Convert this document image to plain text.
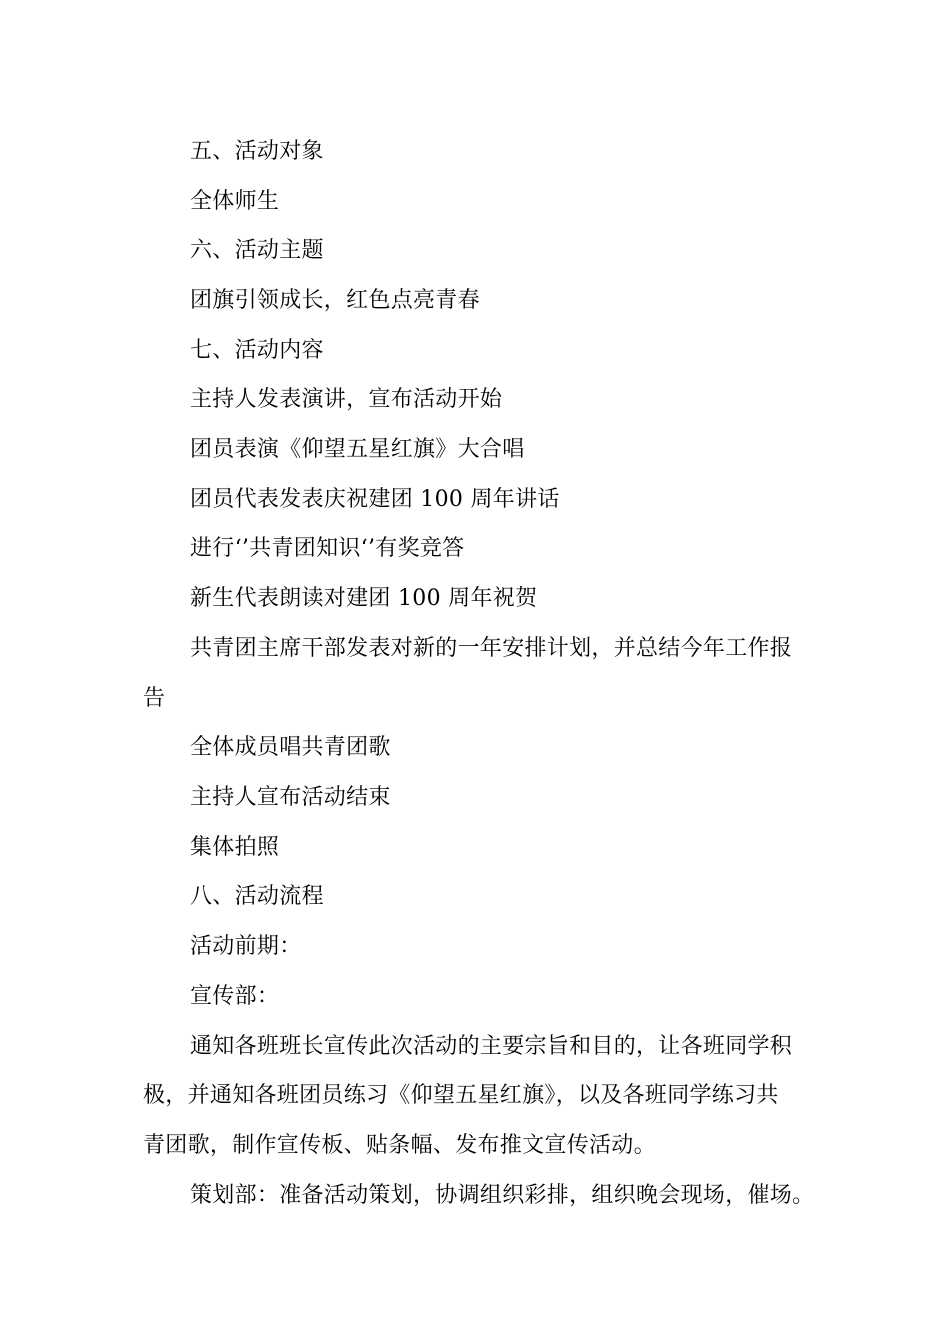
五、活动对象
全体师生
六、活动主题
团旗引领成长，红色点亮青春
七、活动内容
主持人发表演讲，宣布活动开始
团员表演《仰望五星红旗》大合唱
团员代表发表庆祝建团 100 周年讲话
进行‘’共青团知识‘’有奖竞答
新生代表朗读对建团 100 周年祝贺
共青团主席干部发表对新的一年安排计划，并总结今年工作报
告
全体成员唱共青团歌
主持人宣布活动结束
集体拍照
八、活动流程
活动前期：
宣传部：
通知各班班长宣传此次活动的主要宗旨和目的，让各班同学积
极，并通知各班团员练习《仰望五星红旗》，以及各班同学练习共
青团歌，制作宣传板、贴条幅、发布推文宣传活动。
策划部：准备活动策划，协调组织彩排，组织晚会现场，催场。
